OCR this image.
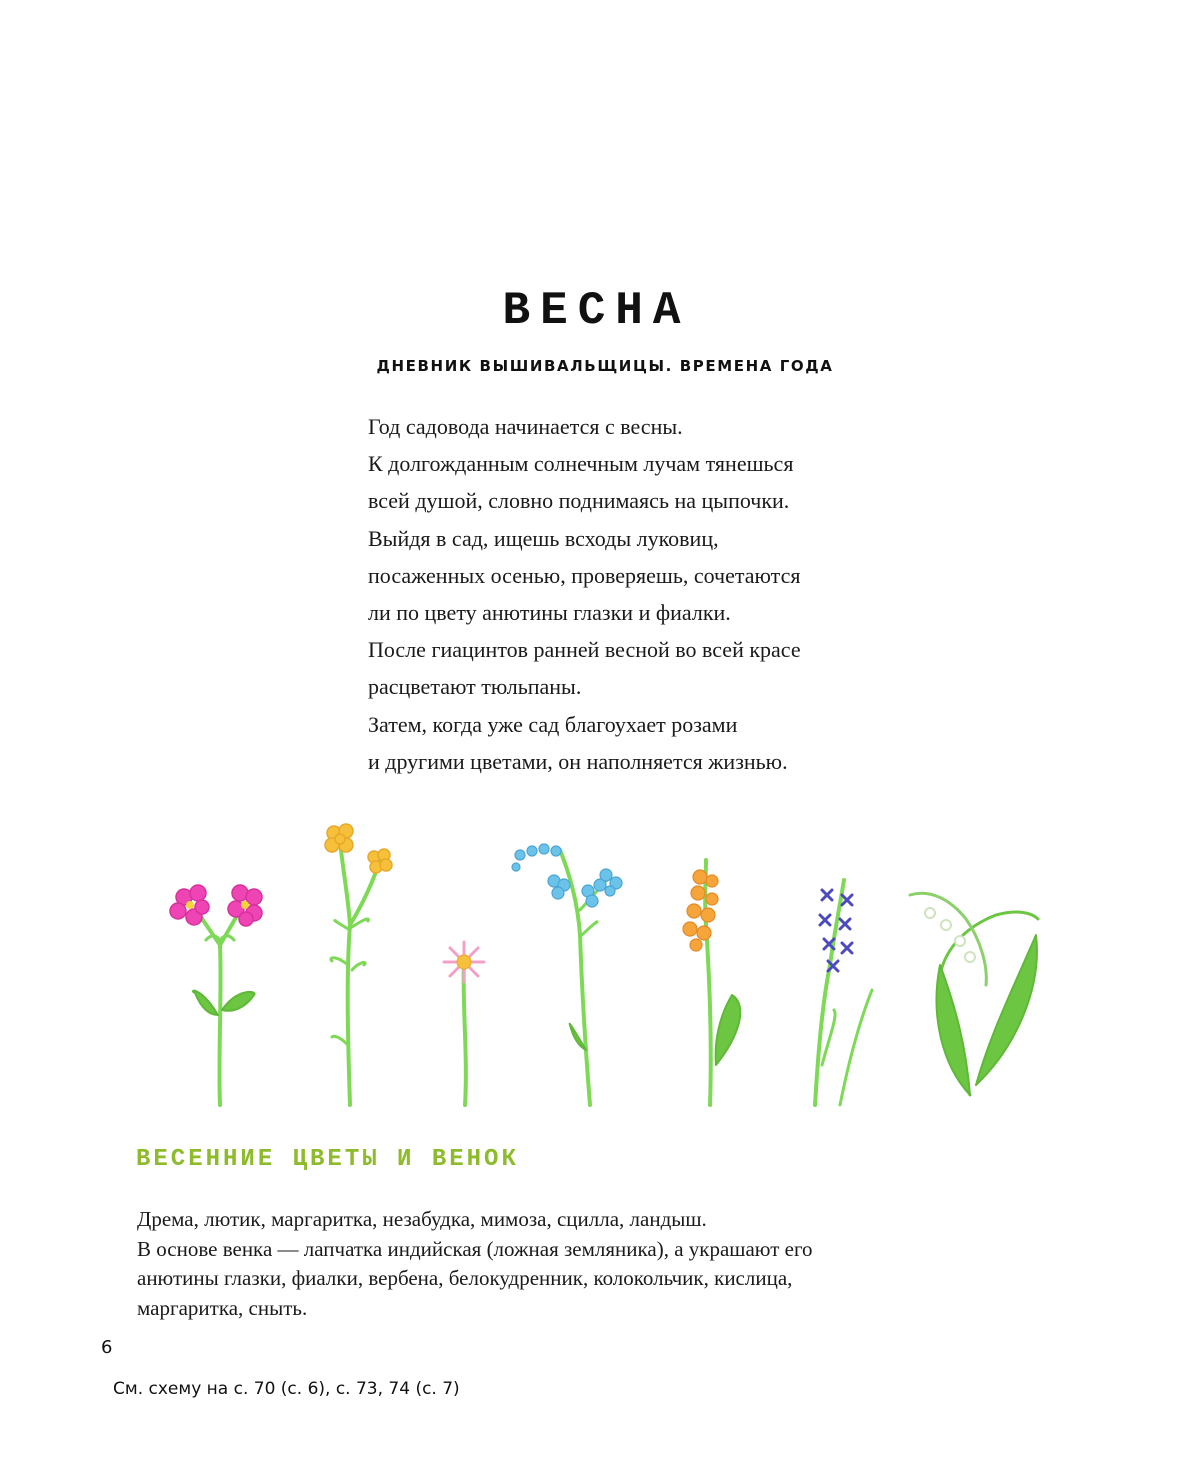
ВЕСНА
ДНЕВНИК ВЫШИВАЛЬЩИЦЫ. ВРЕМЕНА ГОДА
Год садовода начинается с весны.
К долгожданным солнечным лучам тянешься
всей душой, словно поднимаясь на цыпочки.
Выйдя в сад, ищешь всходы луковиц,
посаженных осенью, проверяешь, сочетаются
ли по цвету анютины глазки и фиалки.
После гиацинтов ранней весной во всей красе
расцветают тюльпаны.
Затем, когда уже сад благоухает розами
и другими цветами, он наполняется жизнью.
ВЕСЕННИЕ ЦВЕТЫ И ВЕНОК
Дрема, лютик, маргаритка, незабудка, мимоза, сцилла, ландыш.
В основе венка — лапчатка индийская (ложная земляника), а украшают его
анютины глазки, фиалки, вербена, белокудренник, колокольчик, кислица,
маргаритка, сныть.
6
См. схему на с. 70 (с. 6), с. 73, 74 (с. 7)
